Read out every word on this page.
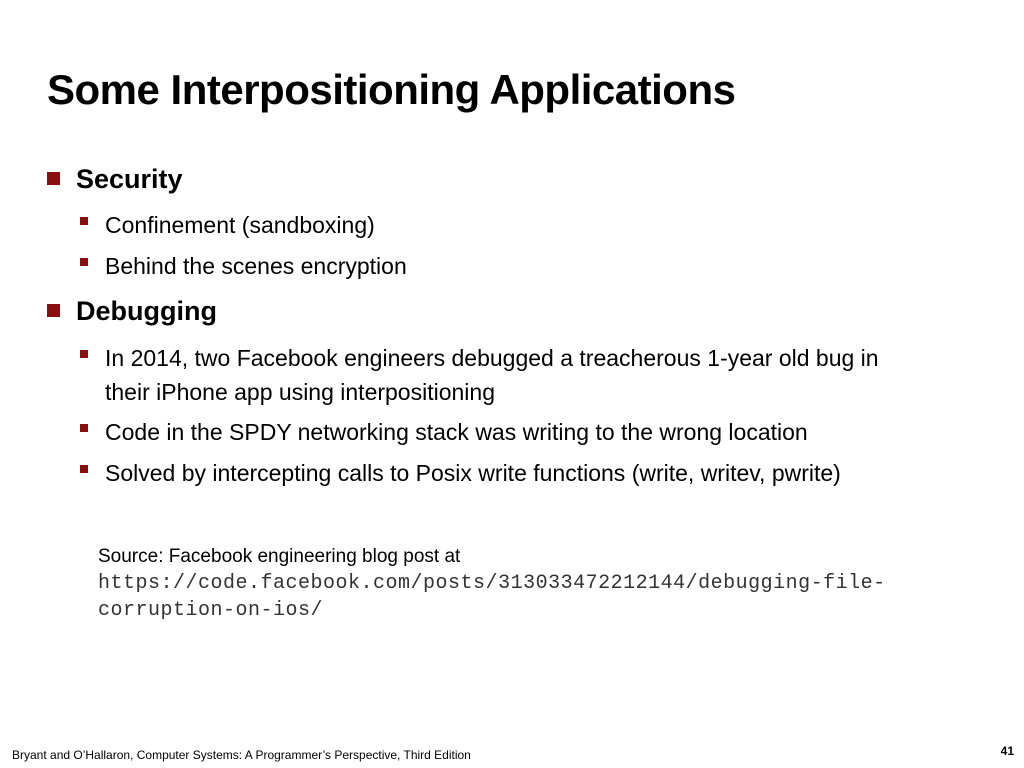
Some Interpositioning Applications
Security
Confinement (sandboxing)
Behind the scenes encryption
Debugging
In 2014, two Facebook engineers debugged a treacherous 1-year old bug in
their iPhone app using interpositioning
Code in the SPDY networking stack was writing to the wrong location
Solved by intercepting calls to Posix write functions (write, writev, pwrite)
Source: Facebook engineering blog post at
https://code.facebook.com/posts/313033472212144/debugging-file-
corruption-on-ios/
Bryant and O’Hallaron, Computer Systems: A Programmer’s Perspective, Third Edition	41
